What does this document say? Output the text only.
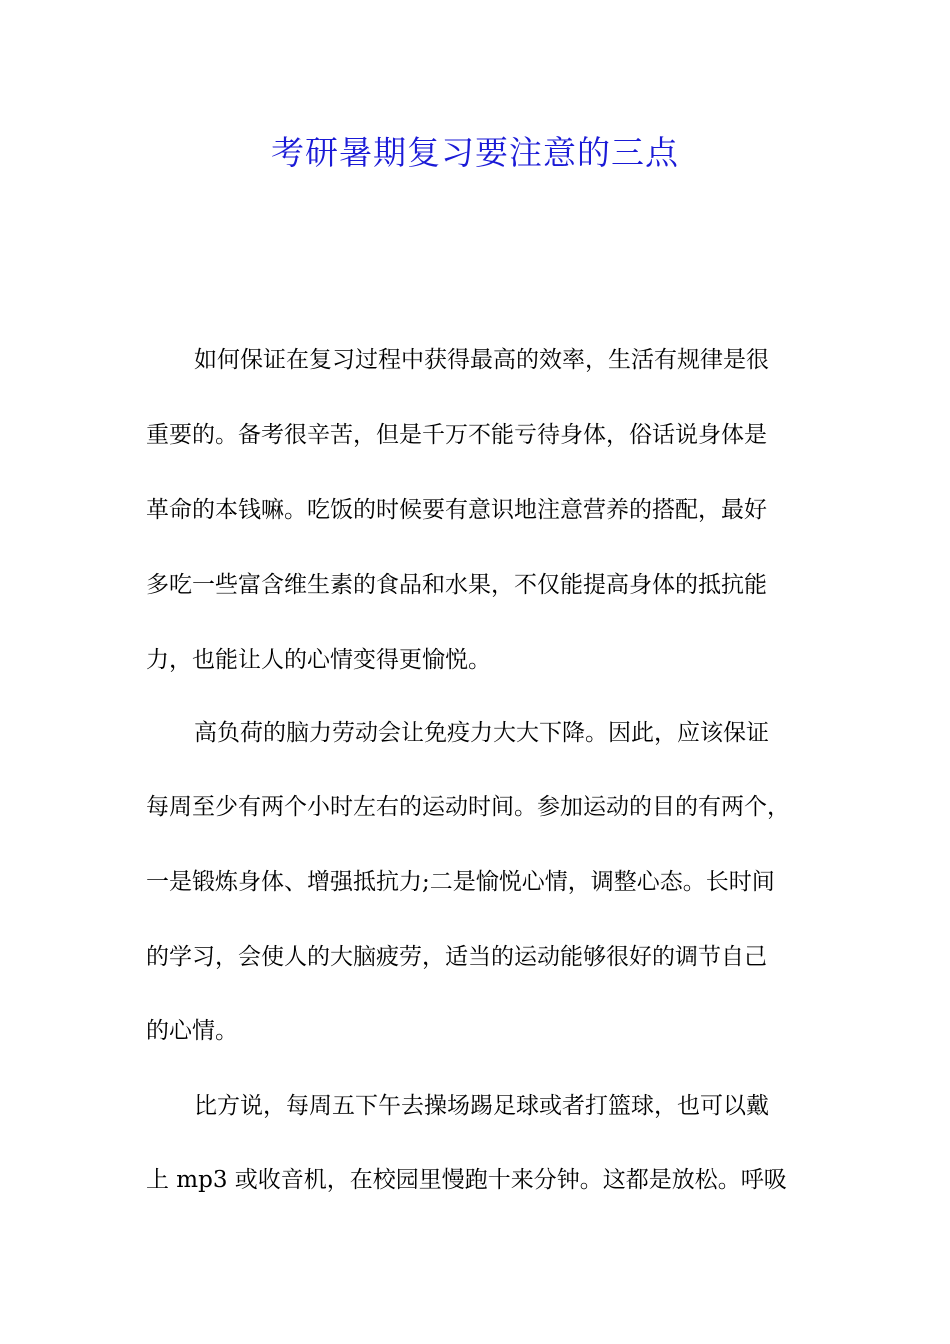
考研暑期复习要注意的三点

如何保证在复习过程中获得最高的效率，生活有规律是很

重要的。备考很辛苦，但是千万不能亏待身体，俗话说身体是

革命的本钱嘛。吃饭的时候要有意识地注意营养的搭配，最好

多吃一些富含维生素的食品和水果，不仅能提高身体的抵抗能

力，也能让人的心情变得更愉悦。

高负荷的脑力劳动会让免疫力大大下降。因此，应该保证

每周至少有两个小时左右的运动时间。参加运动的目的有两个，

一是锻炼身体、增强抵抗力;二是愉悦心情，调整心态。长时间

的学习，会使人的大脑疲劳，适当的运动能够很好的调节自己

的心情。

比方说，每周五下午去操场踢足球或者打篮球，也可以戴

上 mp3 或收音机，在校园里慢跑十来分钟。这都是放松。呼吸
